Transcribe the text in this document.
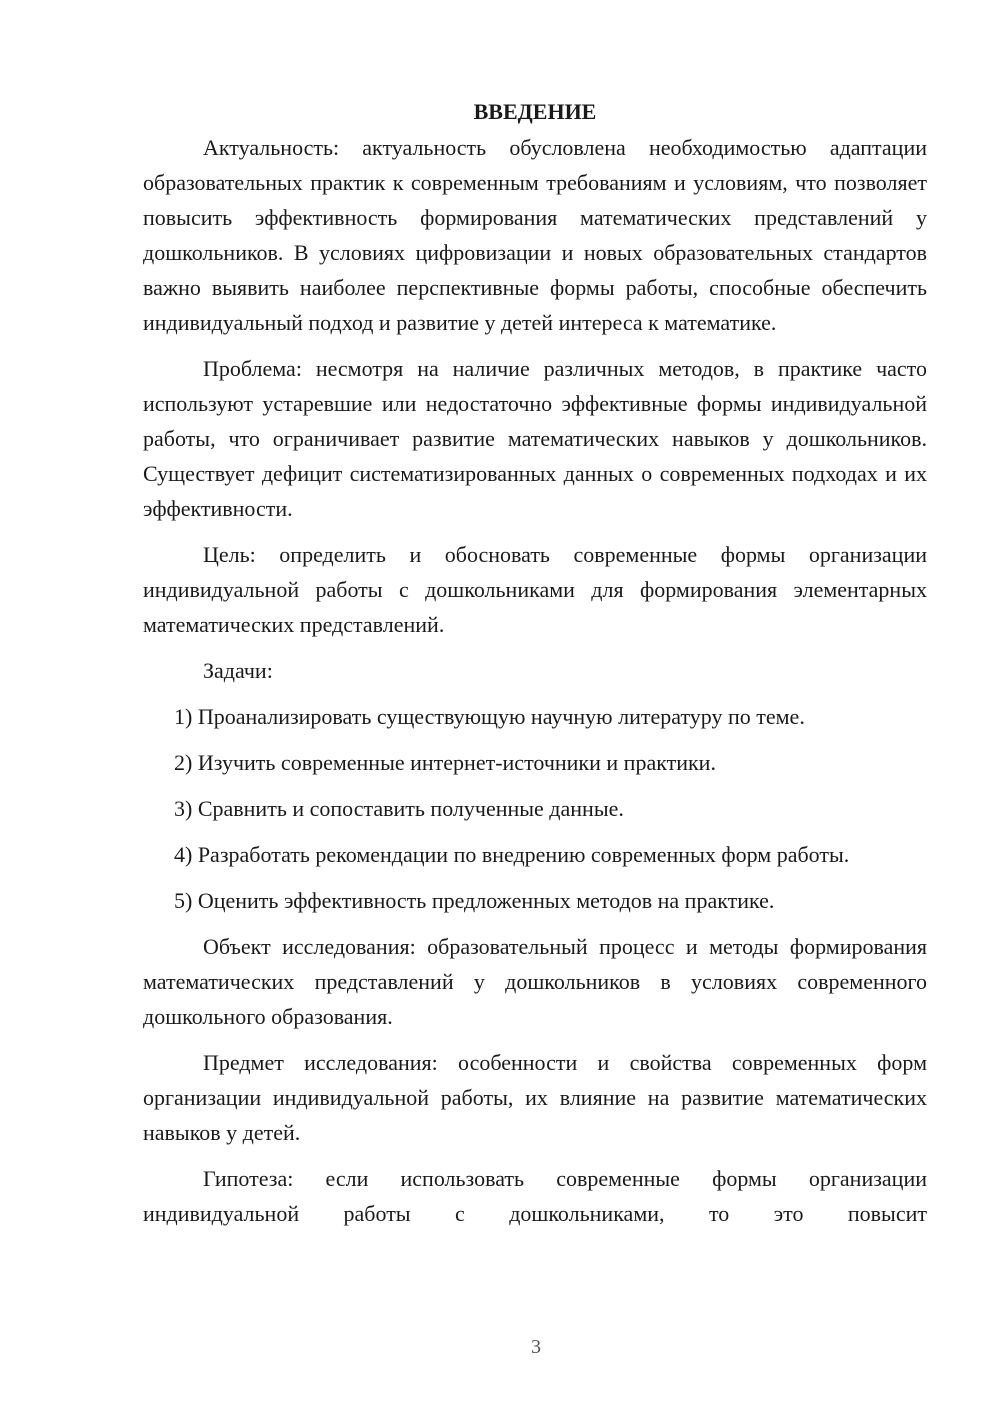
ВВЕДЕНИЕ

Актуальность: актуальность обусловлена необходимостью адаптации образовательных практик к современным требованиям и условиям, что позволяет повысить эффективность формирования математических представлений у дошкольников. В условиях цифровизации и новых образовательных стандартов важно выявить наиболее перспективные формы работы, способные обеспечить индивидуальный подход и развитие у детей интереса к математике.

Проблема: несмотря на наличие различных методов, в практике часто используют устаревшие или недостаточно эффективные формы индивидуальной работы, что ограничивает развитие математических навыков у дошкольников. Существует дефицит систематизированных данных о современных подходах и их эффективности.

Цель: определить и обосновать современные формы организации индивидуальной работы с дошкольниками для формирования элементарных математических представлений.

Задачи:

1) Проанализировать существующую научную литературу по теме.

2) Изучить современные интернет-источники и практики.

3) Сравнить и сопоставить полученные данные.

4) Разработать рекомендации по внедрению современных форм работы.

5) Оценить эффективность предложенных методов на практике.

Объект исследования: образовательный процесс и методы формирования математических представлений у дошкольников в условиях современного дошкольного образования.

Предмет исследования: особенности и свойства современных форм организации индивидуальной работы, их влияние на развитие математических навыков у детей.

Гипотеза: если использовать современные формы организации индивидуальной работы с дошкольниками, то это повысит

3
